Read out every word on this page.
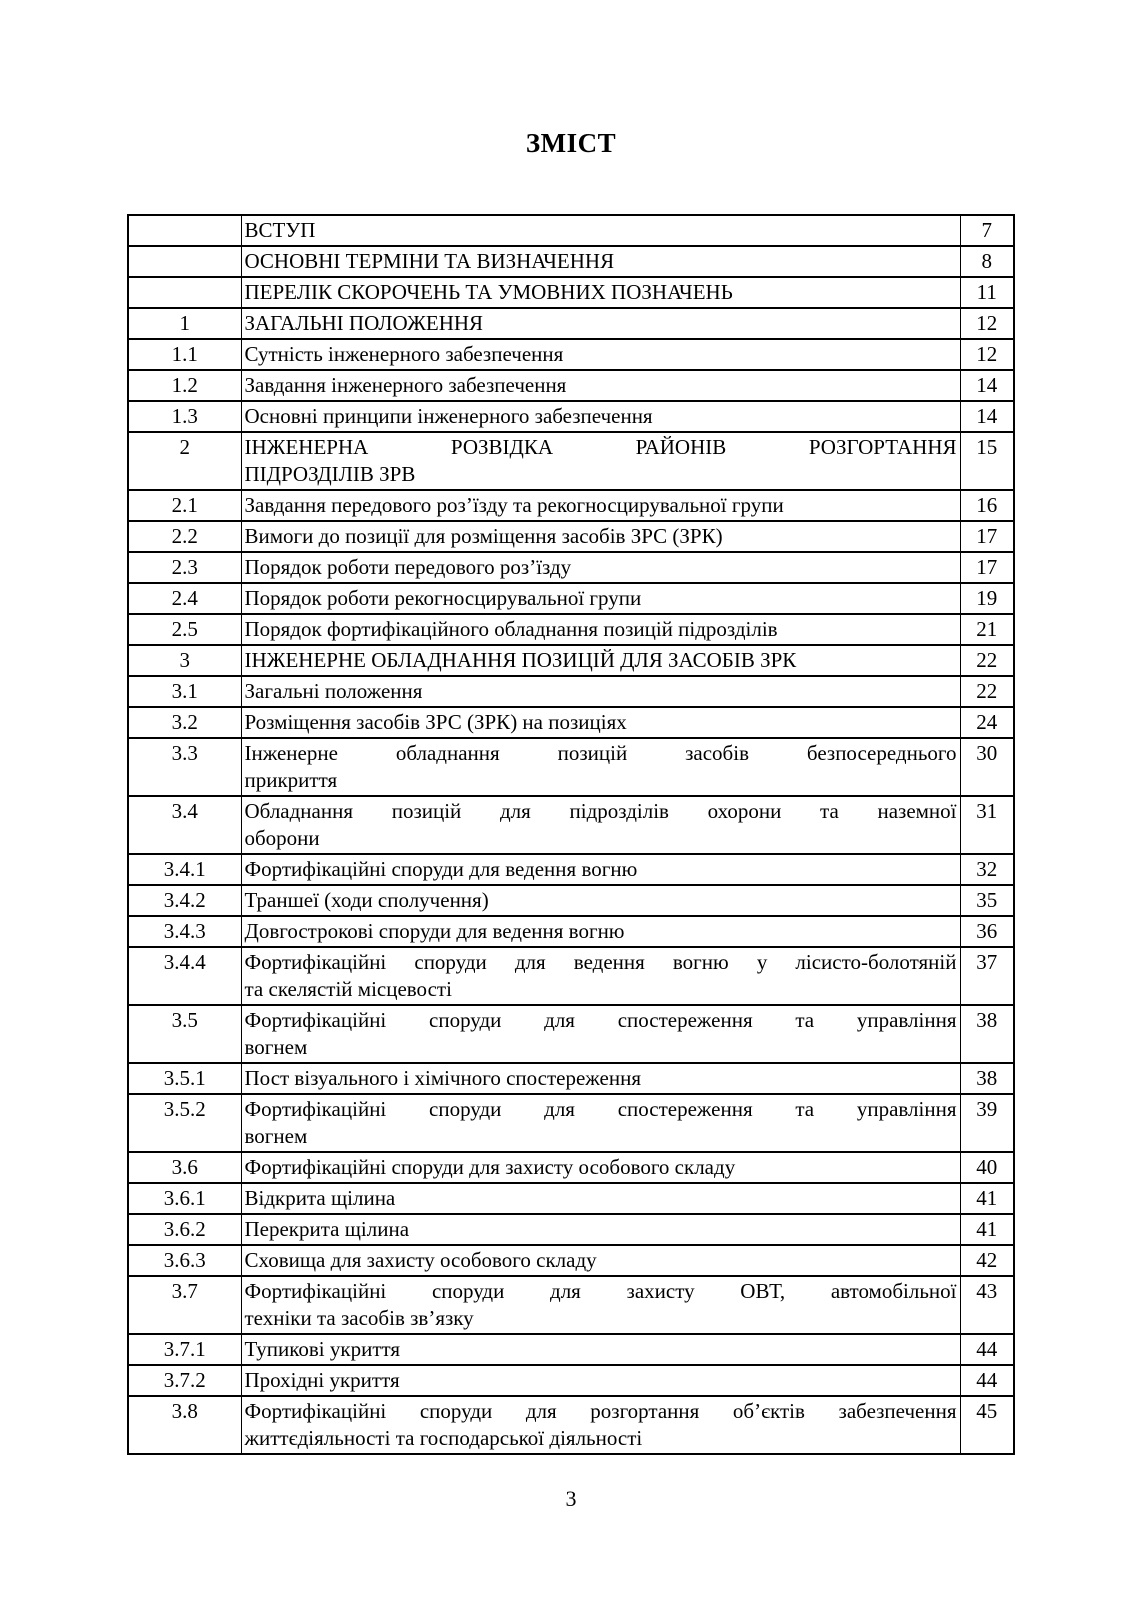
ЗМІСТ

	ВСТУП	7

	ОСНОВНІ ТЕРМІНИ ТА ВИЗНАЧЕННЯ	8

	ПЕРЕЛІК СКОРОЧЕНЬ ТА УМОВНИХ ПОЗНАЧЕНЬ	11
1	ЗАГАЛЬНІ ПОЛОЖЕННЯ	12
1.1	Сутність інженерного забезпечення	12
1.2	Завдання інженерного забезпечення	14
1.3	Основні принципи інженерного забезпечення	14
2	ІНЖЕНЕРНА РОЗВІДКА РАЙОНІВ РОЗГОРТАННЯ
ПІДРОЗДІЛІВ ЗРВ	15
2.1	Завдання передового роз’їзду та рекогносцирувальної групи	16
2.2	Вимоги до позиції для розміщення засобів ЗРС (ЗРК)	17
2.3	Порядок роботи передового роз’їзду	17
2.4	Порядок роботи рекогносцирувальної групи	19
2.5	Порядок фортифікаційного обладнання позицій підрозділів	21
3	ІНЖЕНЕРНЕ ОБЛАДНАННЯ ПОЗИЦІЙ ДЛЯ ЗАСОБІВ ЗРК	22
3.1	Загальні положення	22
3.2	Розміщення засобів ЗРС (ЗРК) на позиціях	24
3.3	Інженерне обладнання позицій засобів безпосереднього
прикриття	30
3.4	Обладнання позицій для підрозділів охорони та наземної
оборони	31
3.4.1	Фортифікаційні споруди для ведення вогню	32
3.4.2	Траншеї (ходи сполучення)	35
3.4.3	Довгострокові споруди для ведення вогню	36
3.4.4	Фортифікаційні споруди для ведення вогню у лісисто-болотяній
та скелястій місцевості	37
3.5	Фортифікаційні споруди для спостереження та управління
вогнем	38
3.5.1	Пост візуального і хімічного спостереження	38
3.5.2	Фортифікаційні споруди для спостереження та управління
вогнем	39
3.6	Фортифікаційні споруди для захисту особового складу	40
3.6.1	Відкрита щілина	41
3.6.2	Перекрита щілина	41
3.6.3	Сховища для захисту особового складу	42
3.7	Фортифікаційні споруди для захисту ОВТ, автомобільної
техніки та засобів зв’язку	43
3.7.1	Тупикові укриття	44
3.7.2	Прохідні укриття	44
3.8	Фортифікаційні споруди для розгортання об’єктів забезпечення
життєдіяльності та господарської діяльності	45
3
